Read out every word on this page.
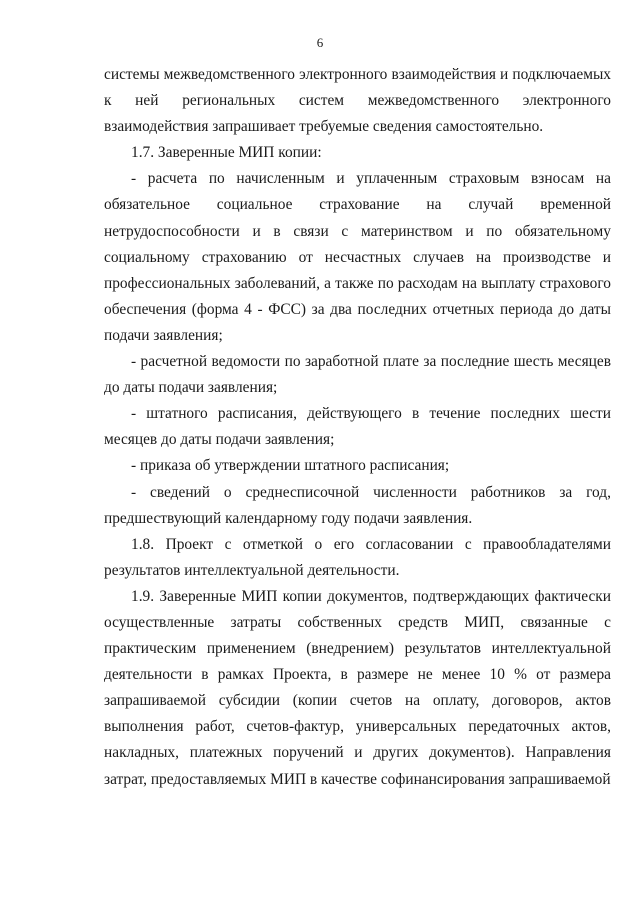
6

системы межведомственного электронного взаимодействия и подключаемых к ней региональных систем межведомственного электронного взаимодействия запрашивает требуемые сведения самостоятельно.

1.7. Заверенные МИП копии:

- расчета по начисленным и уплаченным страховым взносам на обязательное социальное страхование на случай временной нетрудоспособности и в связи с материнством и по обязательному социальному страхованию от несчастных случаев на производстве и профессиональных заболеваний, а также по расходам на выплату страхового обеспечения (форма 4 - ФСС) за два последних отчетных периода до даты подачи заявления;

- расчетной ведомости по заработной плате за последние шесть месяцев до даты подачи заявления;

- штатного расписания, действующего в течение последних шести месяцев до даты подачи заявления;

- приказа об утверждении штатного расписания;

- сведений о среднесписочной численности работников за год, предшествующий календарному году подачи заявления.

1.8. Проект с отметкой о его согласовании с правообладателями результатов интеллектуальной деятельности.

1.9. Заверенные МИП копии документов, подтверждающих фактически осуществленные затраты собственных средств МИП, связанные с практическим применением (внедрением) результатов интеллектуальной деятельности в рамках Проекта, в размере не менее 10 % от размера запрашиваемой субсидии (копии счетов на оплату, договоров, актов выполнения работ, счетов-фактур, универсальных передаточных актов, накладных, платежных поручений и других документов). Направления затрат, предоставляемых МИП в качестве софинансирования запрашиваемой
